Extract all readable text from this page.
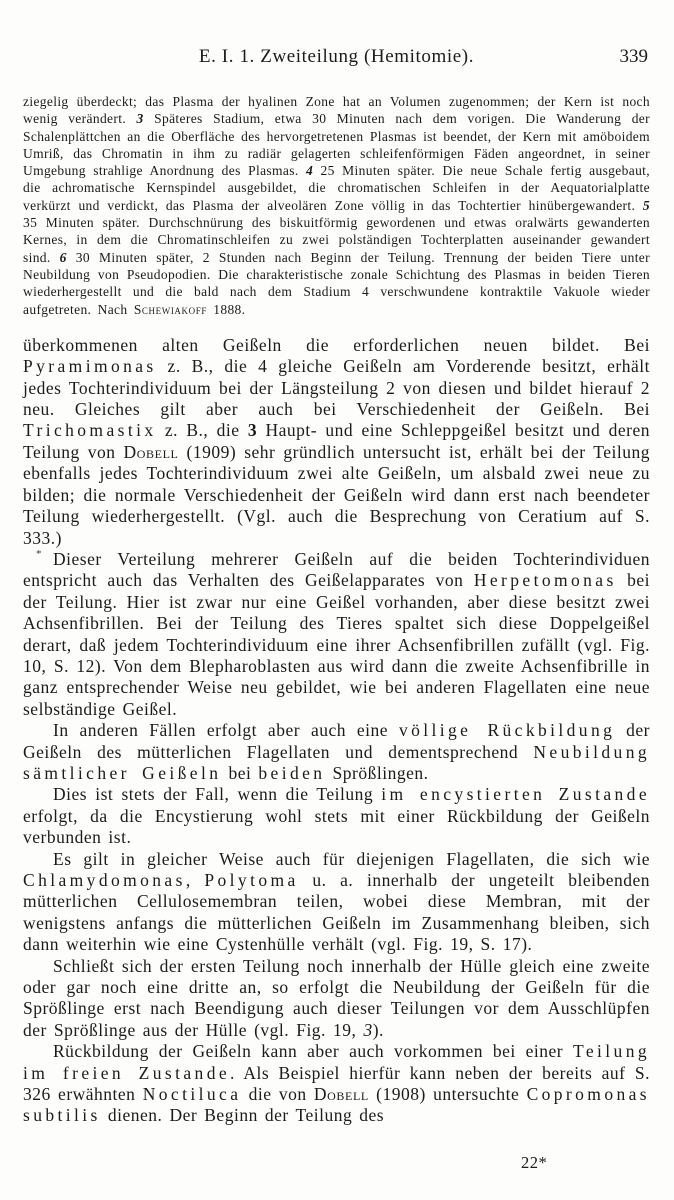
E. I. 1. Zweiteilung (Hemitomie).	339

ziegelig überdeckt; das Plasma der hyalinen Zone hat an Volumen zugenommen; der Kern ist noch wenig verändert. 3 Späteres Stadium, etwa 30 Minuten nach dem vorigen. Die Wanderung der Schalenplättchen an die Oberfläche des hervorgetretenen Plasmas ist beendet, der Kern mit amöboidem Umriß, das Chromatin in ihm zu radiär gelagerten schleifenförmigen Fäden angeordnet, in seiner Umgebung strahlige Anordnung des Plasmas. 4 25 Minuten später. Die neue Schale fertig ausgebaut, die achromatische Kernspindel ausgebildet, die chromatischen Schleifen in der Aequatorialplatte verkürzt und verdickt, das Plasma der alveolären Zone völlig in das Tochtertier hinübergewandert. 5 35 Minuten später. Durchschnürung des biskuitförmig gewordenen und etwas oralwärts gewanderten Kernes, in dem die Chromatinschleifen zu zwei polständigen Tochterplatten auseinander gewandert sind. 6 30 Minuten später, 2 Stunden nach Beginn der Teilung. Trennung der beiden Tiere unter Neubildung von Pseudopodien. Die charakteristische zonale Schichtung des Plasmas in beiden Tieren wiederhergestellt und die bald nach dem Stadium 4 verschwundene kontraktile Vakuole wieder aufgetreten. Nach Schewiakoff 1888.

überkommenen alten Geißeln die erforderlichen neuen bildet. Bei Pyramimonas z. B., die 4 gleiche Geißeln am Vorderende besitzt, erhält jedes Tochterindividuum bei der Längsteilung 2 von diesen und bildet hierauf 2 neu. Gleiches gilt aber auch bei Verschiedenheit der Geißeln. Bei Trichomastix z. B., die 3 Haupt- und eine Schleppgeißel besitzt und deren Teilung von Dobell (1909) sehr gründlich untersucht ist, erhält bei der Teilung ebenfalls jedes Tochterindividuum zwei alte Geißeln, um alsbald zwei neue zu bilden; die normale Verschiedenheit der Geißeln wird dann erst nach beendeter Teilung wiederhergestellt. (Vgl. auch die Besprechung von Ceratium auf S. 333.)

Dieser Verteilung mehrerer Geißeln auf die beiden Tochterindividuen entspricht auch das Verhalten des Geißelapparates von Herpetomonas bei der Teilung. Hier ist zwar nur eine Geißel vorhanden, aber diese besitzt zwei Achsenfibrillen. Bei der Teilung des Tieres spaltet sich diese Doppelgeißel derart, daß jedem Tochterindividuum eine ihrer Achsenfibrillen zufällt (vgl. Fig. 10, S. 12). Von dem Blepharoblasten aus wird dann die zweite Achsenfibrille in ganz entsprechender Weise neu gebildet, wie bei anderen Flagellaten eine neue selbständige Geißel.

In anderen Fällen erfolgt aber auch eine völlige Rückbildung der Geißeln des mütterlichen Flagellaten und dementsprechend Neubildung sämtlicher Geißeln bei beiden Sprößlingen.

Dies ist stets der Fall, wenn die Teilung im encystierten Zustande erfolgt, da die Encystierung wohl stets mit einer Rückbildung der Geißeln verbunden ist.

Es gilt in gleicher Weise auch für diejenigen Flagellaten, die sich wie Chlamydomonas, Polytoma u. a. innerhalb der ungeteilt bleibenden mütterlichen Cellulosemembran teilen, wobei diese Membran, mit der wenigstens anfangs die mütterlichen Geißeln im Zusammenhang bleiben, sich dann weiterhin wie eine Cystenhülle verhält (vgl. Fig. 19, S. 17).

Schließt sich der ersten Teilung noch innerhalb der Hülle gleich eine zweite oder gar noch eine dritte an, so erfolgt die Neubildung der Geißeln für die Sprößlinge erst nach Beendigung auch dieser Teilungen vor dem Ausschlüpfen der Sprößlinge aus der Hülle (vgl. Fig. 19, 3).

Rückbildung der Geißeln kann aber auch vorkommen bei einer Teilung im freien Zustande. Als Beispiel hierfür kann neben der bereits auf S. 326 erwähnten Noctiluca die von Dobell (1908) untersuchte Copromonas subtilis dienen. Der Beginn der Teilung des

*
22*
